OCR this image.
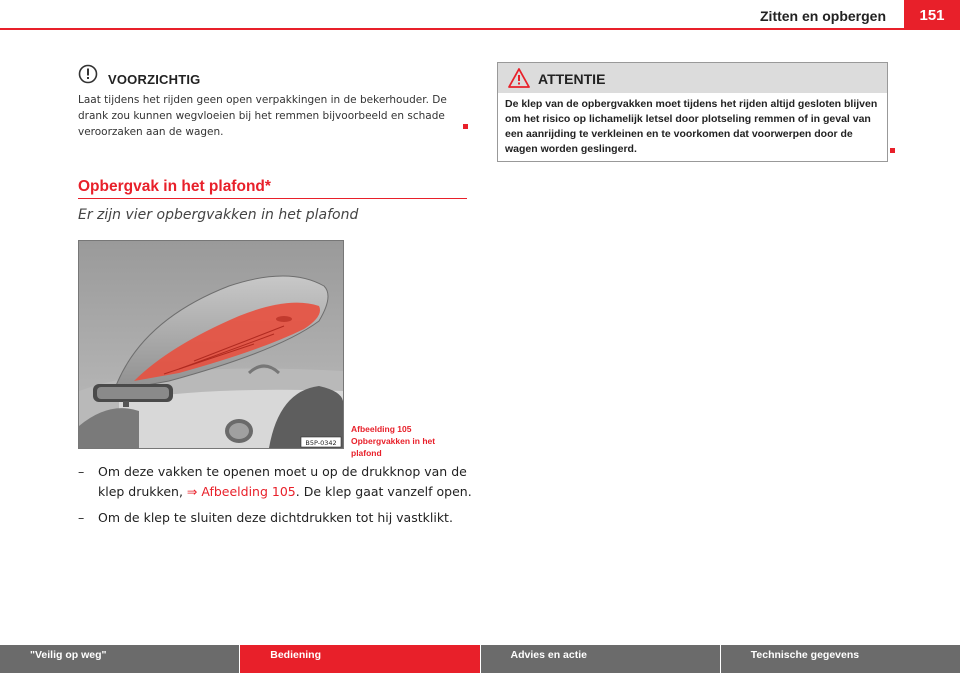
Zitten en opbergen	151
VOORZICHTIG
Laat tijdens het rijden geen open verpakkingen in de bekerhouder. De drank zou kunnen wegvloeien bij het remmen bijvoorbeeld en schade veroorzaken aan de wagen.
Opbergvak in het plafond*
Er zijn vier opbergvakken in het plafond
B5P-0342
Afbeelding 105 Opbergvakken in het plafond
– Om deze vakken te openen moet u op de drukknop van de klep drukken, ⇒ Afbeelding 105. De klep gaat vanzelf open.
– Om de klep te sluiten deze dichtdrukken tot hij vastklikt.
ATTENTIE
De klep van de opbergvakken moet tijdens het rijden altijd gesloten blijven om het risico op lichamelijk letsel door plotseling remmen of in geval van een aanrijding te verkleinen en te voorkomen dat voorwerpen door de wagen worden geslingerd.
"Veilig op weg"	Bediening	Advies en actie	Technische gegevens
